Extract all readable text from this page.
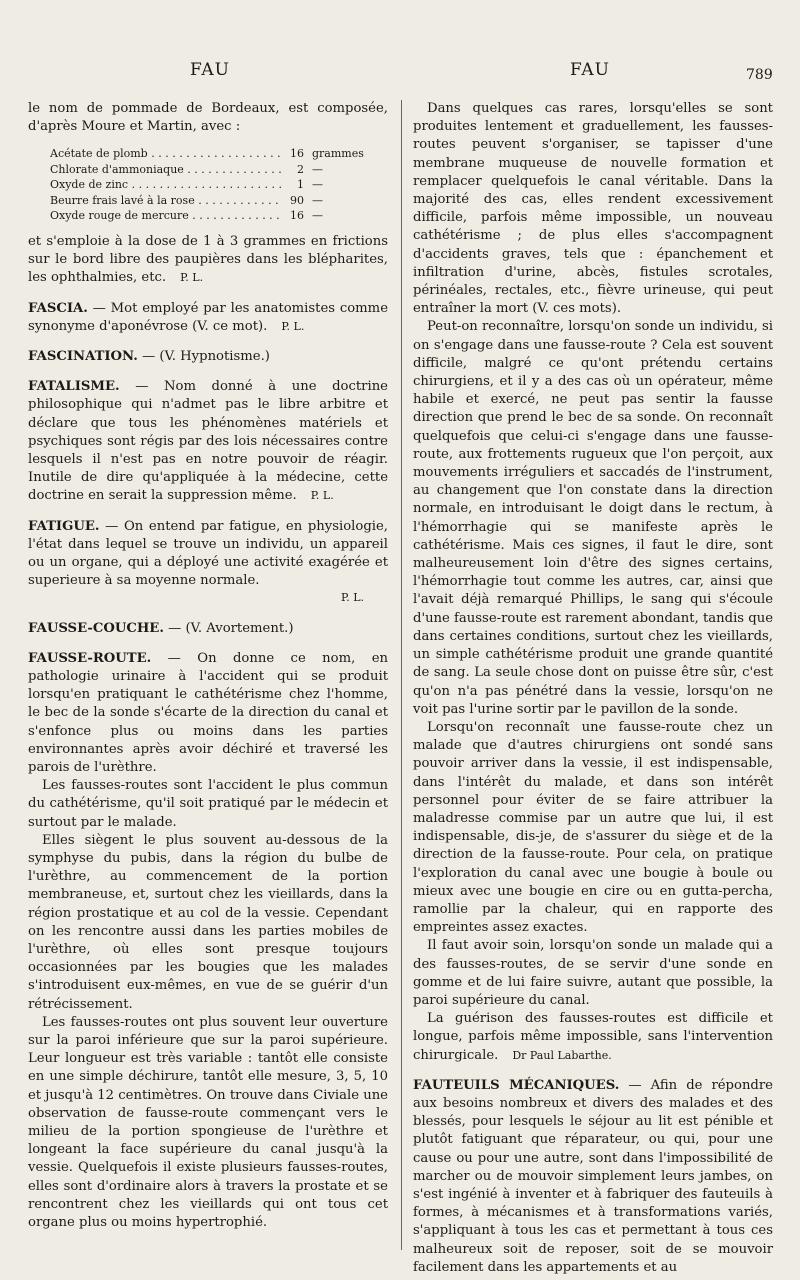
FAU	FAU	789

le nom de pommade de Bordeaux, est composée, d'après Moure et Martin, avec :

Acétate de plomb . . .	16 grammes
Chlorate d'ammoniaque . . .	2 —
Oxyde de zinc . . .	1 —
Beurre frais lavé à la rose . . .	90 —
Oxyde rouge de mercure . . .	16 —

et s'emploie à la dose de 1 à 3 grammes en frictions sur le bord libre des paupières dans les blépharites, les ophthalmies, etc. P. L.

FASCIA. — Mot employé par les anatomistes comme synonyme d'aponévrose (V. ce mot). P. L.

FASCINATION. — (V. Hypnotisme.)

FATALISME. — Nom donné à une doctrine philosophique qui n'admet pas le libre arbitre et déclare que tous les phénomènes matériels et psychiques sont régis par des lois nécessaires contre lesquels il n'est pas en notre pouvoir de réagir. Inutile de dire qu'appliquée à la médecine, cette doctrine en serait la suppression même. P. L.

FATIGUE. — On entend par fatigue, en physiologie, l'état dans lequel se trouve un individu, un appareil ou un organe, qui a déployé une activité exagérée et superieure à sa moyenne normale.

P. L.

FAUSSE-COUCHE. — (V. Avortement.)

FAUSSE-ROUTE. — On donne ce nom, en pathologie urinaire à l'accident qui se produit lorsqu'en pratiquant le cathétérisme chez l'homme, le bec de la sonde s'écarte de la direction du canal et s'enfonce plus ou moins dans les parties environnantes après avoir déchiré et traversé les parois de l'urèthre.

Les fausses-routes sont l'accident le plus commun du cathétérisme, qu'il soit pratiqué par le médecin et surtout par le malade.

Elles siègent le plus souvent au-dessous de la symphyse du pubis, dans la région du bulbe de l'urèthre, au commencement de la portion membraneuse, et, surtout chez les vieillards, dans la région prostatique et au col de la vessie. Cependant on les rencontre aussi dans les parties mobiles de l'urèthre, où elles sont presque toujours occasionnées par les bougies que les malades s'introduisent eux-mêmes, en vue de se guérir d'un rétrécissement.

Les fausses-routes ont plus souvent leur ouverture sur la paroi inférieure que sur la paroi supérieure. Leur longueur est très variable : tantôt elle consiste en une simple déchirure, tantôt elle mesure, 3, 5, 10 et jusqu'à 12 centimètres. On trouve dans Civiale une observation de fausse-route commençant vers le milieu de la portion spongieuse de l'urèthre et longeant la face supérieure du canal jusqu'à la vessie. Quelquefois il existe plusieurs fausses-routes, elles sont d'ordinaire alors à travers la prostate et se rencontrent chez les vieillards qui ont tous cet organe plus ou moins hypertrophié.

Dans quelques cas rares, lorsqu'elles se sont produites lentement et graduellement, les fausses-routes peuvent s'organiser, se tapisser d'une membrane muqueuse de nouvelle formation et remplacer quelquefois le canal véritable. Dans la majorité des cas, elles rendent excessivement difficile, parfois même impossible, un nouveau cathétérisme ; de plus elles s'accompagnent d'accidents graves, tels que : épanchement et infiltration d'urine, abcès, fistules scrotales, périnéales, rectales, etc., fièvre urineuse, qui peut entraîner la mort (V. ces mots).

Peut-on reconnaître, lorsqu'on sonde un individu, si on s'engage dans une fausse-route ? Cela est souvent difficile, malgré ce qu'ont prétendu certains chirurgiens, et il y a des cas où un opérateur, même habile et exercé, ne peut pas sentir la fausse direction que prend le bec de sa sonde. On reconnaît quelquefois que celui-ci s'engage dans une fausse-route, aux frottements rugueux que l'on perçoit, aux mouvements irréguliers et saccadés de l'instrument, au changement que l'on constate dans la direction normale, en introduisant le doigt dans le rectum, à l'hémorrhagie qui se manifeste après le cathétérisme. Mais ces signes, il faut le dire, sont malheureusement loin d'être des signes certains, l'hémorrhagie tout comme les autres, car, ainsi que l'avait déjà remarqué Phillips, le sang qui s'écoule d'une fausse-route est rarement abondant, tandis que dans certaines conditions, surtout chez les vieillards, un simple cathétérisme produit une grande quantité de sang. La seule chose dont on puisse être sûr, c'est qu'on n'a pas pénétré dans la vessie, lorsqu'on ne voit pas l'urine sortir par le pavillon de la sonde.

Lorsqu'on reconnaît une fausse-route chez un malade que d'autres chirurgiens ont sondé sans pouvoir arriver dans la vessie, il est indispensable, dans l'intérêt du malade, et dans son intérêt personnel pour éviter de se faire attribuer la maladresse commise par un autre que lui, il est indispensable, dis-je, de s'assurer du siège et de la direction de la fausse-route. Pour cela, on pratique l'exploration du canal avec une bougie à boule ou mieux avec une bougie en cire ou en gutta-percha, ramollie par la chaleur, qui en rapporte des empreintes assez exactes.

Il faut avoir soin, lorsqu'on sonde un malade qui a des fausses-routes, de se servir d'une sonde en gomme et de lui faire suivre, autant que possible, la paroi supérieure du canal.

La guérison des fausses-routes est difficile et longue, parfois même impossible, sans l'intervention chirurgicale. Dr Paul Labarthe.

FAUTEUILS MÉCANIQUES. — Afin de répondre aux besoins nombreux et divers des malades et des blessés, pour lesquels le séjour au lit est pénible et plutôt fatiguant que réparateur, ou qui, pour une cause ou pour une autre, sont dans l'impossibilité de marcher ou de mouvoir simplement leurs jambes, on s'est ingénié à inventer et à fabriquer des fauteuils à formes, à mécanismes et à transformations variés, s'appliquant à tous les cas et permettant à tous ces malheureux soit de reposer, soit de se mouvoir facilement dans les appartements et au
